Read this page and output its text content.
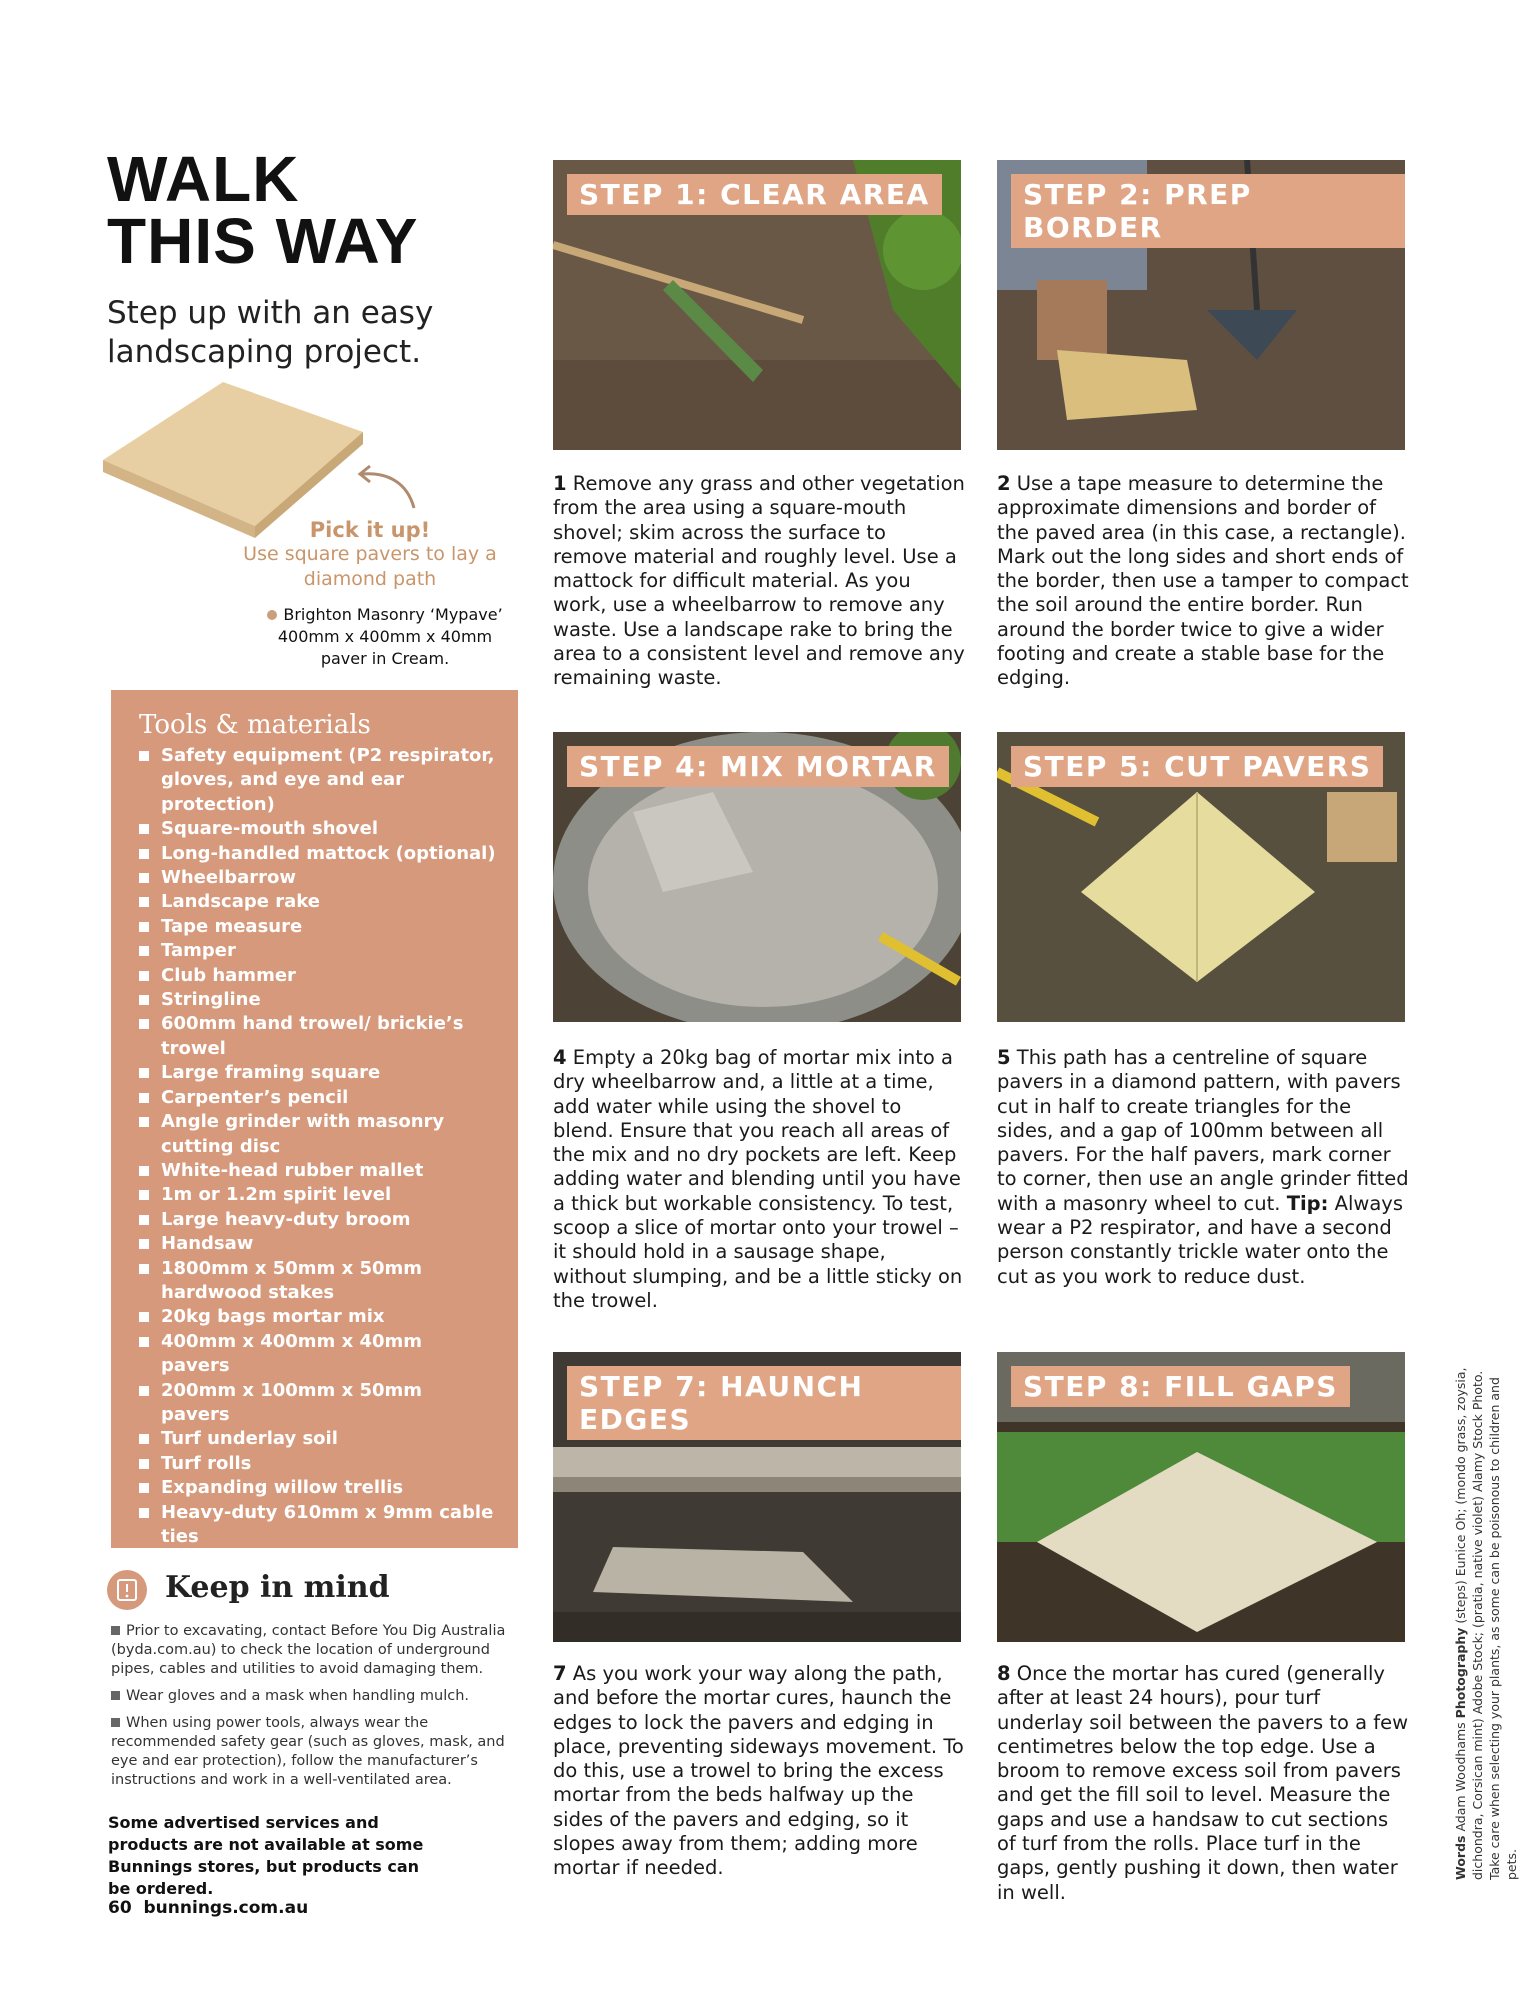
WALK
THIS WAY

Step up with an easy landscaping project.

Pick it up!
Use square pavers to lay a diamond path
Brighton Masonry ‘Mypave’ 400mm x 400mm x 40mm paver in Cream.
Tools & materials
Safety equipment (P2 respirator, gloves, and eye and ear protection)
Square-mouth shovel
Long-handled mattock (optional)
Wheelbarrow
Landscape rake
Tape measure
Tamper
Club hammer
Stringline
600mm hand trowel/ brickie’s trowel
Large framing square
Carpenter’s pencil
Angle grinder with masonry cutting disc
White-head rubber mallet
1m or 1.2m spirit level
Large heavy-duty broom
Handsaw
1800mm x 50mm x 50mm hardwood stakes
20kg bags mortar mix
400mm x 400mm x 40mm pavers
200mm x 100mm x 50mm pavers
Turf underlay soil
Turf rolls
Expanding willow trellis
Heavy-duty 610mm x 9mm cable ties
Bark mulch
Keep in mind

Prior to excavating, contact Before You Dig Australia (byda.com.au) to check the location of underground pipes, cables and utilities to avoid damaging them.

Wear gloves and a mask when handling mulch.

When using power tools, always wear the recommended safety gear (such as gloves, mask, and eye and ear protection), follow the manufacturer’s instructions and work in a well-ventilated area.

Some advertised services and products are not available at some Bunnings stores, but products can be ordered.
60 bunnings.com.au
STEP 1: CLEAR AREA
1 Remove any grass and other vegetation from the area using a square-mouth shovel; skim across the surface to remove material and roughly level. Use a mattock for difficult material. As you work, use a wheelbarrow to remove any waste. Use a landscape rake to bring the area to a consistent level and remove any remaining waste.
STEP 2: PREP BORDER
2 Use a tape measure to determine the approximate dimensions and border of the paved area (in this case, a rectangle). Mark out the long sides and short ends of the border, then use a tamper to compact the soil around the entire border. Run around the border twice to give a wider footing and create a stable base for the edging.
STEP 4: MIX MORTAR
4 Empty a 20kg bag of mortar mix into a dry wheelbarrow and, a little at a time, add water while using the shovel to blend. Ensure that you reach all areas of the mix and no dry pockets are left. Keep adding water and blending until you have a thick but workable consistency. To test, scoop a slice of mortar onto your trowel – it should hold in a sausage shape, without slumping, and be a little sticky on the trowel.
STEP 5: CUT PAVERS
5 This path has a centreline of square pavers in a diamond pattern, with pavers cut in half to create triangles for the sides, and a gap of 100mm between all pavers. For the half pavers, mark corner to corner, then use an angle grinder fitted with a masonry wheel to cut. Tip: Always wear a P2 respirator, and have a second person constantly trickle water onto the cut as you work to reduce dust.
STEP 7: HAUNCH EDGES
7 As you work your way along the path, and before the mortar cures, haunch the edges to lock the pavers and edging in place, preventing sideways movement. To do this, use a trowel to bring the excess mortar from the beds halfway up the sides of the pavers and edging, so it slopes away from them; adding more mortar if needed.
STEP 8: FILL GAPS
8 Once the mortar has cured (generally after at least 24 hours), pour turf underlay soil between the pavers to a few centimetres below the top edge. Use a broom to remove excess soil from pavers and get the fill soil to level. Measure the gaps and use a handsaw to cut sections of turf from the rolls. Place turf in the gaps, gently pushing it down, then water in well.
Words Adam Woodhams Photography (steps) Eunice Oh; (mondo grass, zoysia, dichondra, Corsican mint) Adobe Stock; (pratia, native violet) Alamy Stock Photo. Take care when selecting your plants, as some can be poisonous to children and pets.
